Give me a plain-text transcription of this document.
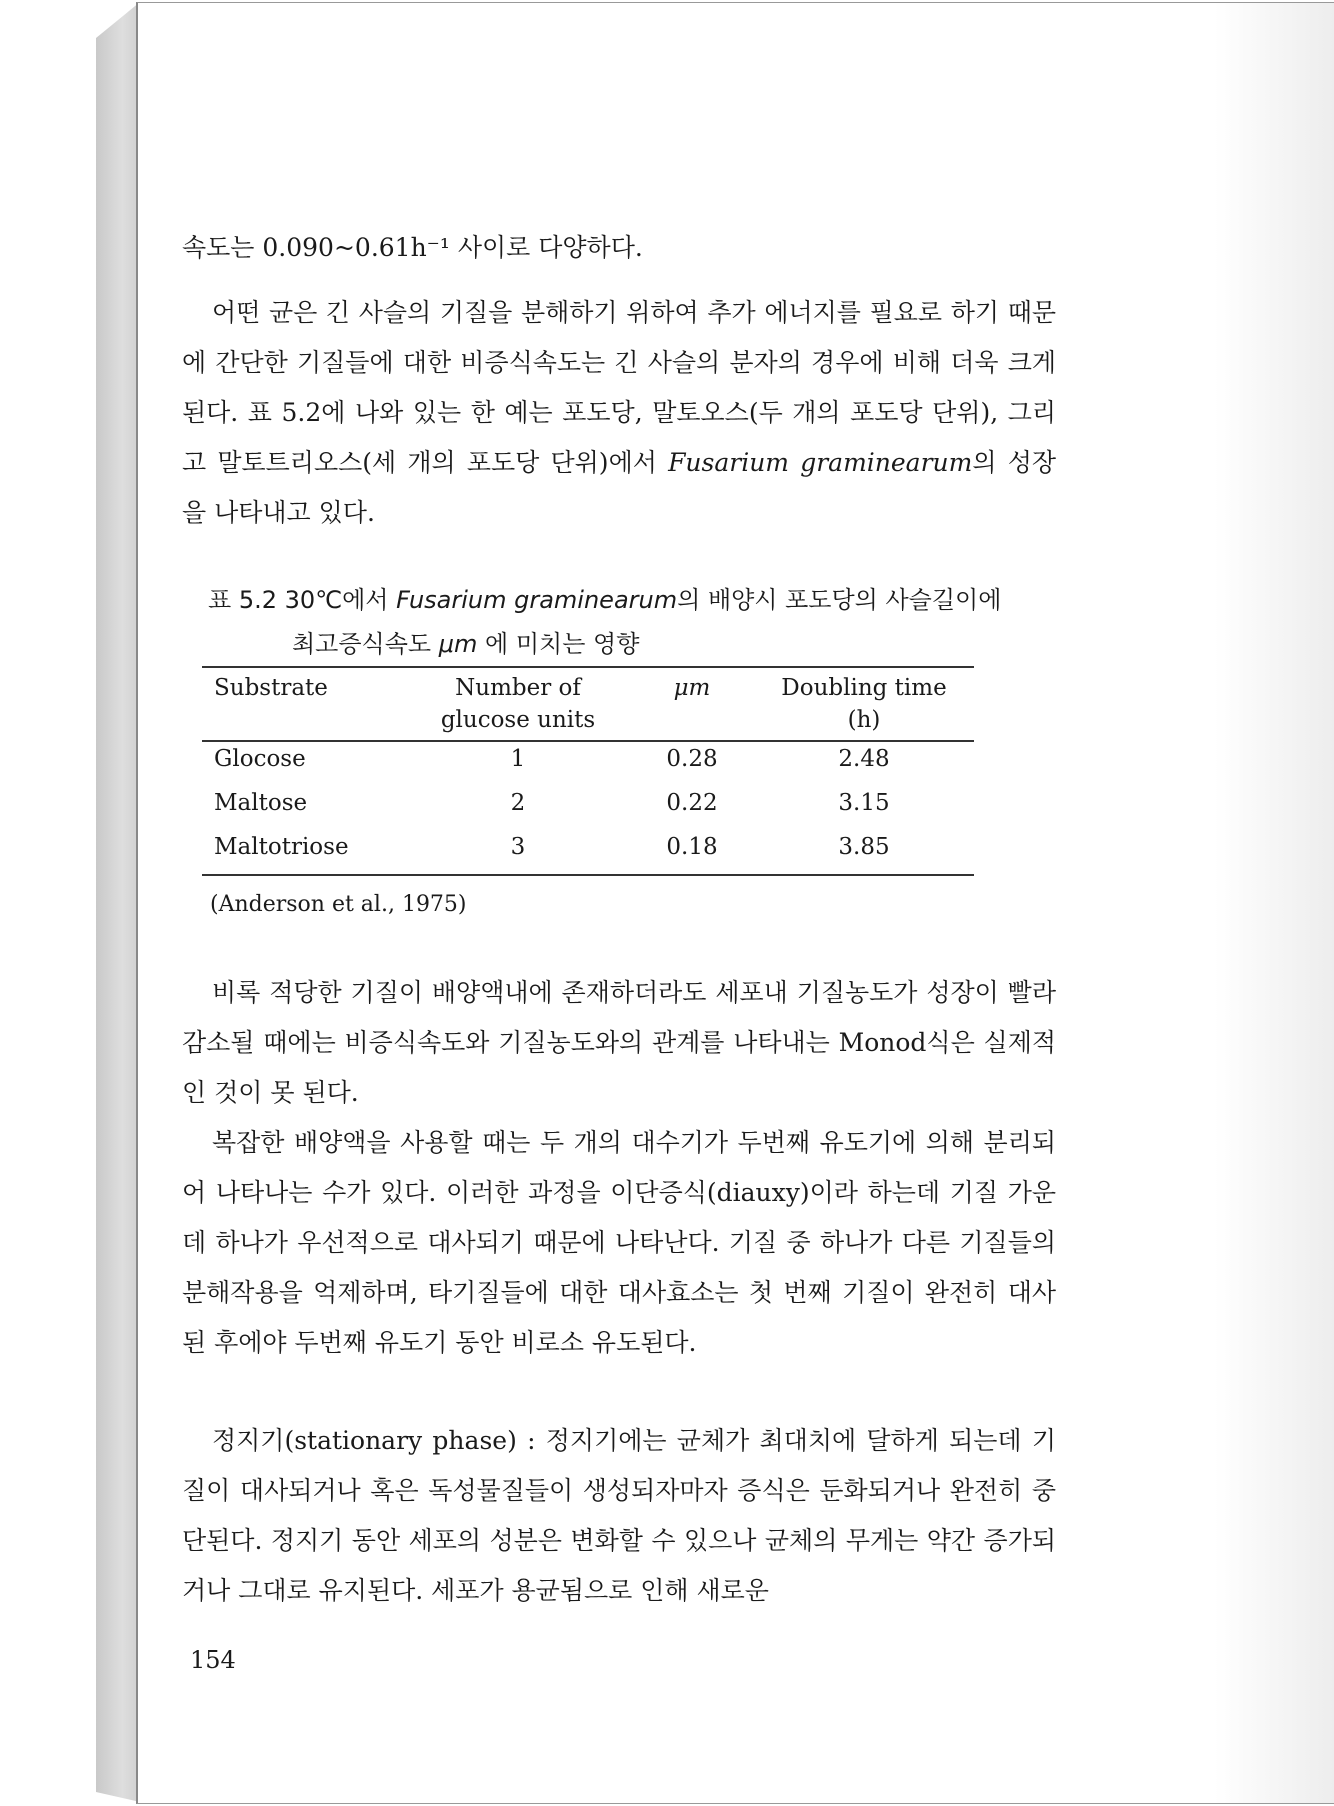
속도는 0.090~0.61h⁻¹ 사이로 다양하다.

어떤 균은 긴 사슬의 기질을 분해하기 위하여 추가 에너지를 필요로 하기 때문에 간단한 기질들에 대한 비증식속도는 긴 사슬의 분자의 경우에 비해 더욱 크게 된다. 표 5.2에 나와 있는 한 예는 포도당, 말토오스(두 개의 포도당 단위), 그리고 말토트리오스(세 개의 포도당 단위)에서 Fusarium graminearum의 성장을 나타내고 있다.

표 5.2 30℃에서 Fusarium graminearum의 배양시 포도당의 사슬길이에
최고증식속도 μm 에 미치는 영향
Substrate	Number of glucose units	μm	Doubling time (h)
Glocose	1	0.28	2.48
Maltose	2	0.22	3.15
Maltotriose	3	0.18	3.85
(Anderson et al., 1975)

비록 적당한 기질이 배양액내에 존재하더라도 세포내 기질농도가 성장이 빨라 감소될 때에는 비증식속도와 기질농도와의 관계를 나타내는 Monod식은 실제적인 것이 못 된다.

복잡한 배양액을 사용할 때는 두 개의 대수기가 두번째 유도기에 의해 분리되어 나타나는 수가 있다. 이러한 과정을 이단증식(diauxy)이라 하는데 기질 가운데 하나가 우선적으로 대사되기 때문에 나타난다. 기질 중 하나가 다른 기질들의 분해작용을 억제하며, 타기질들에 대한 대사효소는 첫 번째 기질이 완전히 대사된 후에야 두번째 유도기 동안 비로소 유도된다.

정지기(stationary phase) : 정지기에는 균체가 최대치에 달하게 되는데 기질이 대사되거나 혹은 독성물질들이 생성되자마자 증식은 둔화되거나 완전히 중단된다. 정지기 동안 세포의 성분은 변화할 수 있으나 균체의 무게는 약간 증가되거나 그대로 유지된다. 세포가 용균됨으로 인해 새로운

154
